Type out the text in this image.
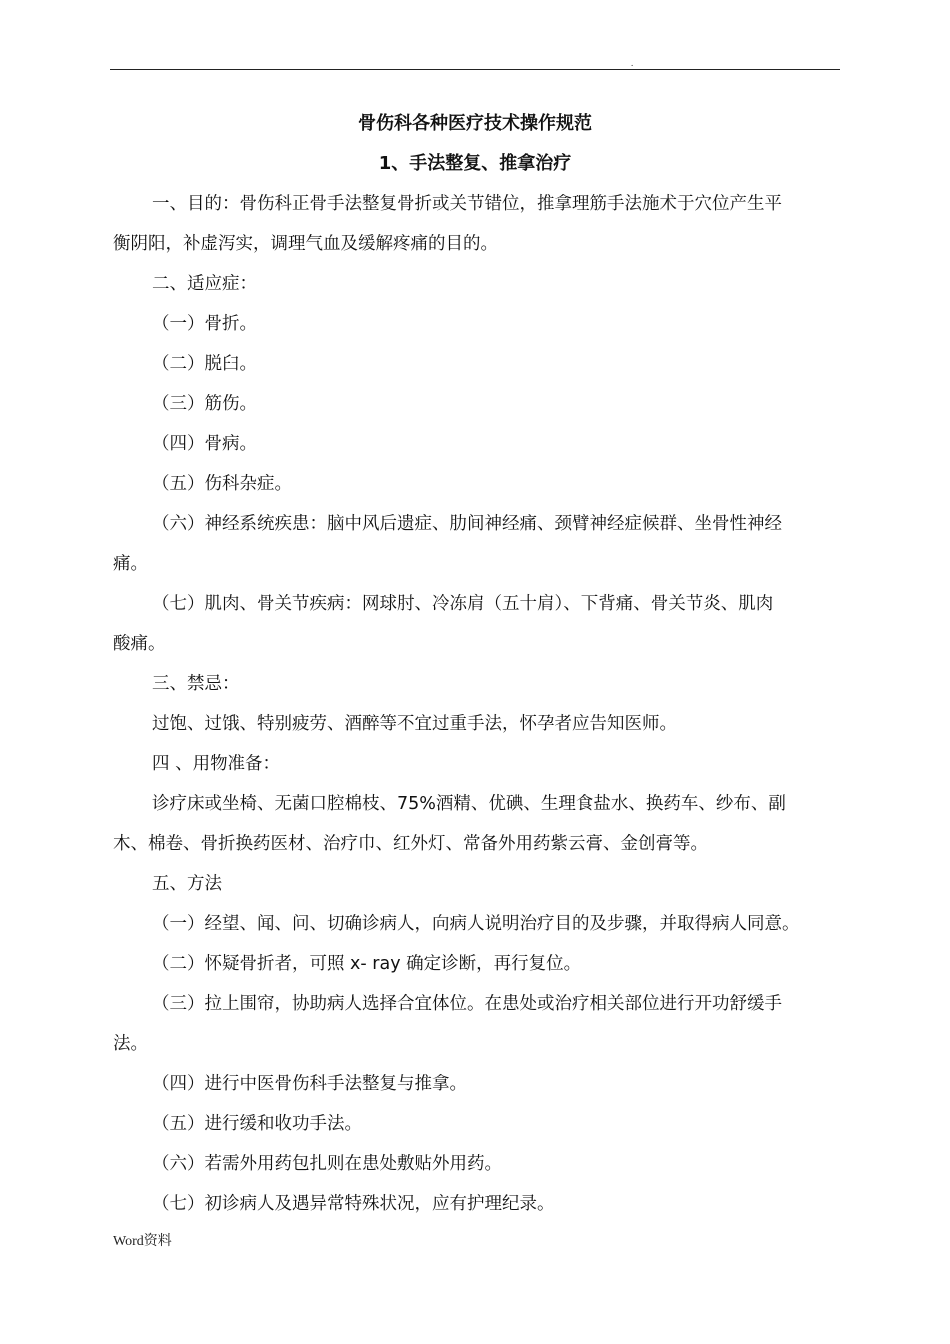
.
骨伤科各种医疗技术操作规范
1、手法整复、推拿治疗
一、目的：骨伤科正骨手法整复骨折或关节错位，推拿理筋手法施术于穴位产生平
衡阴阳，补虚泻实，调理气血及缓解疼痛的目的。
二、适应症：
（一）骨折。
（二）脱臼。
（三）筋伤。
（四）骨病。
（五）伤科杂症。
（六）神经系统疾患：脑中风后遗症、肋间神经痛、颈臂神经症候群、坐骨性神经
痛。
（七）肌肉、骨关节疾病：网球肘、冷冻肩（五十肩）、下背痛、骨关节炎、肌肉
酸痛。
三、禁忌：
过饱、过饿、特别疲劳、酒醉等不宜过重手法，怀孕者应告知医师。
四 、用物准备：
诊疗床或坐椅、无菌口腔棉枝、75%酒精、优碘、生理食盐水、换药车、纱布、副
木、棉卷、骨折换药医材、治疗巾、红外灯、常备外用药紫云膏、金创膏等。
五、方法
（一）经望、闻、问、切确诊病人，向病人说明治疗目的及步骤，并取得病人同意。
（二）怀疑骨折者，可照 x- ray 确定诊断，再行复位。
（三）拉上围帘，协助病人选择合宜体位。在患处或治疗相关部位进行开功舒缓手
法。
（四）进行中医骨伤科手法整复与推拿。
（五）进行缓和收功手法。
（六）若需外用药包扎则在患处敷贴外用药。
（七）初诊病人及遇异常特殊状况，应有护理纪录。
Word资料
